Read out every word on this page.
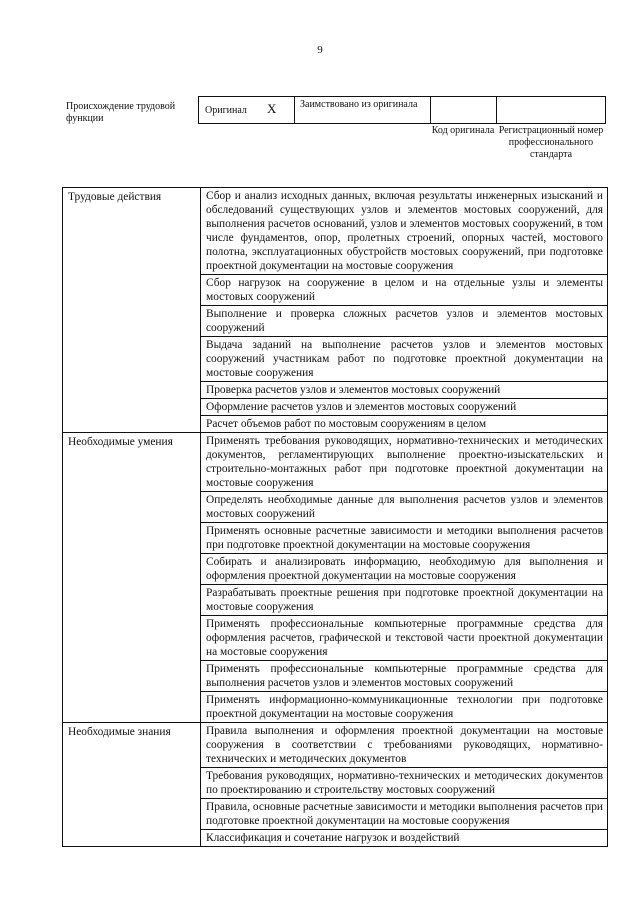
9
Происхождение трудовой функции
Оригинал X Заимствовано из оригинала
Код оригинала Регистрационный номер профессионального стандарта
Трудовые действия	Сбор и анализ исходных данных, включая результаты инженерных изысканий и обследований существующих узлов и элементов мостовых сооружений, для выполнения расчетов оснований, узлов и элементов мостовых сооружений, в том числе фундаментов, опор, пролетных строений, опорных частей, мостового полотна, эксплуатационных обустройств мостовых сооружений, при подготовке проектной документации на мостовые сооружения
	Сбор нагрузок на сооружение в целом и на отдельные узлы и элементы мостовых сооружений
	Выполнение и проверка сложных расчетов узлов и элементов мостовых сооружений
	Выдача заданий на выполнение расчетов узлов и элементов мостовых сооружений участникам работ по подготовке проектной документации на мостовые сооружения
	Проверка расчетов узлов и элементов мостовых сооружений
	Оформление расчетов узлов и элементов мостовых сооружений
	Расчет объемов работ по мостовым сооружениям в целом
Необходимые умения	Применять требования руководящих, нормативно-технических и методических документов, регламентирующих выполнение проектно-изыскательских и строительно-монтажных работ при подготовке проектной документации на мостовые сооружения
	Определять необходимые данные для выполнения расчетов узлов и элементов мостовых сооружений
	Применять основные расчетные зависимости и методики выполнения расчетов при подготовке проектной документации на мостовые сооружения
	Собирать и анализировать информацию, необходимую для выполнения и оформления проектной документации на мостовые сооружения
	Разрабатывать проектные решения при подготовке проектной документации на мостовые сооружения
	Применять профессиональные компьютерные программные средства для оформления расчетов, графической и текстовой части проектной документации на мостовые сооружения
	Применять профессиональные компьютерные программные средства для выполнения расчетов узлов и элементов мостовых сооружений
	Применять информационно-коммуникационные технологии при подготовке проектной документации на мостовые сооружения
Необходимые знания	Правила выполнения и оформления проектной документации на мостовые сооружения в соответствии с требованиями руководящих, нормативно-технических и методических документов
	Требования руководящих, нормативно-технических и методических документов по проектированию и строительству мостовых сооружений
	Правила, основные расчетные зависимости и методики выполнения расчетов при подготовке проектной документации на мостовые сооружения
	Классификация и сочетание нагрузок и воздействий
